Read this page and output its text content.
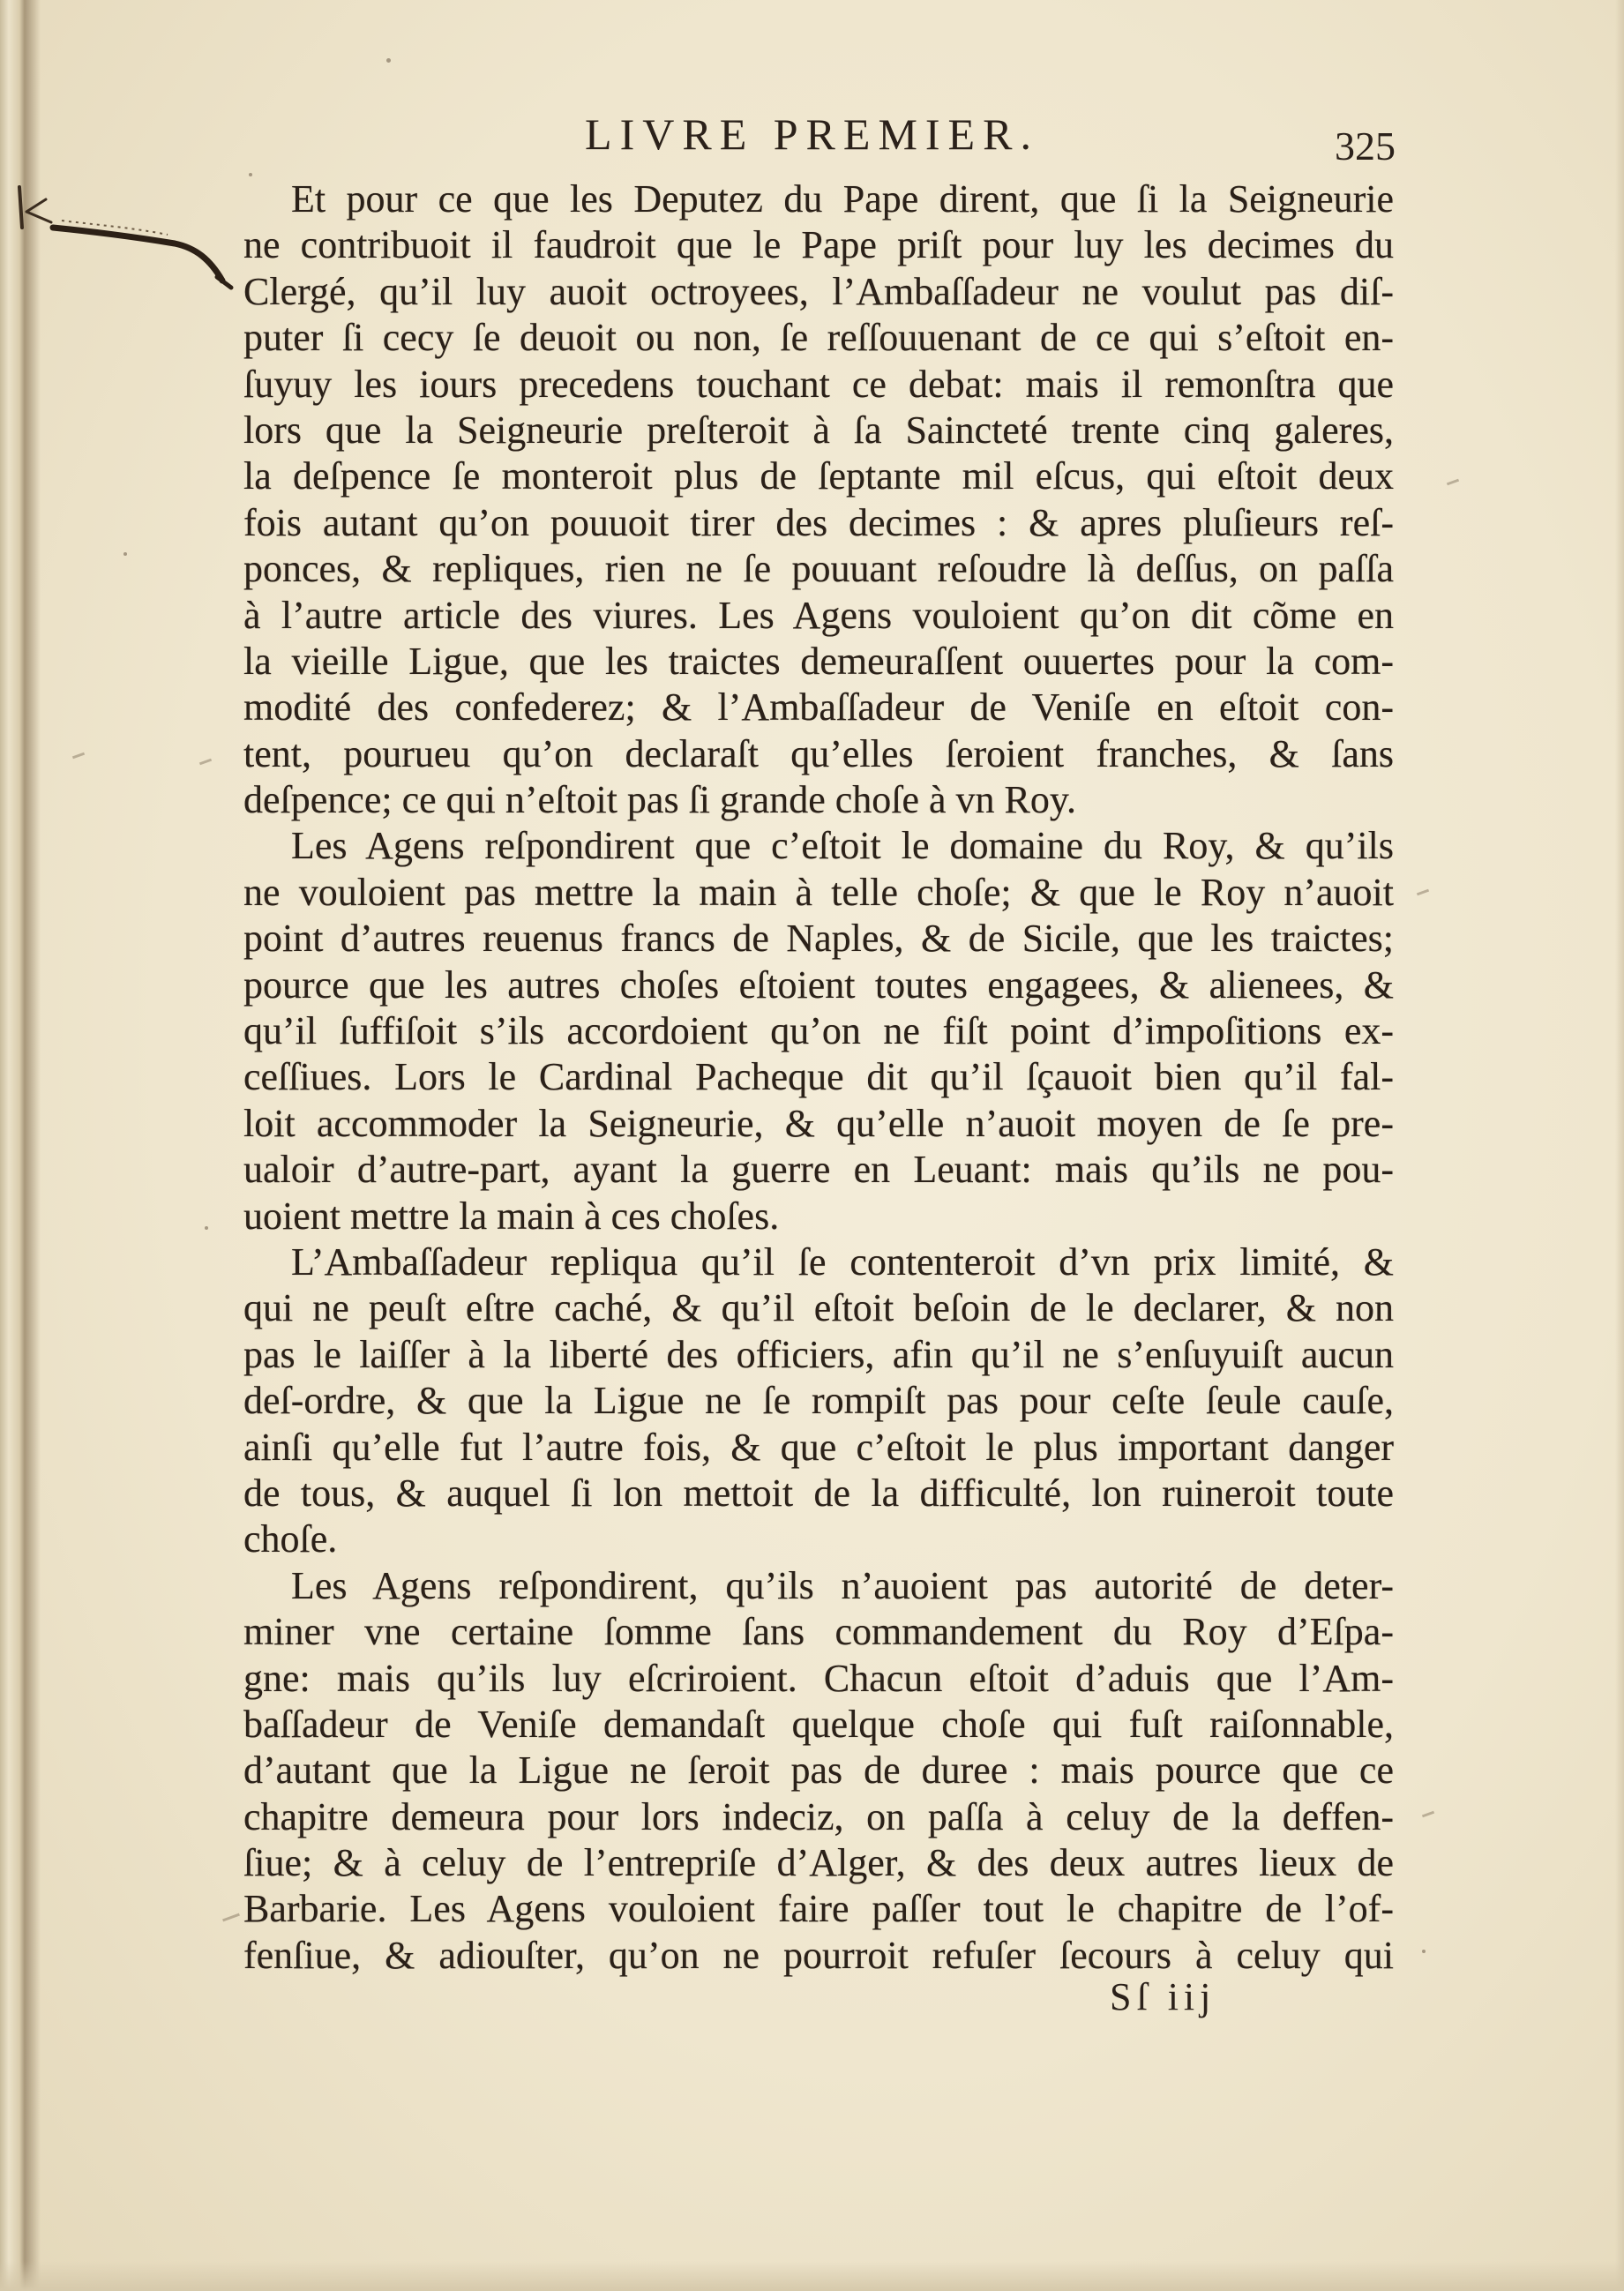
LIVRE PREMIER.	325
Et pour ce que les Deputez du Pape dirent, que ſi la Seigneurie
ne contribuoit il faudroit que le Pape priſt pour luy les decimes du
Clergé, qu’il luy auoit octroyees, l’Ambaſſadeur ne voulut pas diſ-
puter ſi cecy ſe deuoit ou non, ſe reſſouuenant de ce qui s’eſtoit en-
ſuyuy les iours precedens touchant ce debat: mais il remonſtra que
lors que la Seigneurie preſteroit à ſa Saincteté trente cinq galeres,
la deſpence ſe monteroit plus de ſeptante mil eſcus, qui eſtoit deux
fois autant qu’on pouuoit tirer des decimes : & apres pluſieurs reſ-
ponces, & repliques, rien ne ſe pouuant reſoudre là deſſus, on paſſa
à l’autre article des viures. Les Agens vouloient qu’on dit cõme en
la vieille Ligue, que les traictes demeuraſſent ouuertes pour la com-
modité des confederez; & l’Ambaſſadeur de Veniſe en eſtoit con-
tent, pourueu qu’on declaraſt qu’elles ſeroient franches, & ſans
deſpence; ce qui n’eſtoit pas ſi grande choſe à vn Roy.
Les Agens reſpondirent que c’eſtoit le domaine du Roy, & qu’ils
ne vouloient pas mettre la main à telle choſe; & que le Roy n’auoit
point d’autres reuenus francs de Naples, & de Sicile, que les traictes;
pource que les autres choſes eſtoient toutes engagees, & alienees, &
qu’il ſuffiſoit s’ils accordoient qu’on ne fiſt point d’impoſitions ex-
ceſſiues. Lors le Cardinal Pacheque dit qu’il ſçauoit bien qu’il fal-
loit accommoder la Seigneurie, & qu’elle n’auoit moyen de ſe pre-
ualoir d’autre-part, ayant la guerre en Leuant: mais qu’ils ne pou-
uoient mettre la main à ces choſes.
L’Ambaſſadeur repliqua qu’il ſe contenteroit d’vn prix limité, &
qui ne peuſt eſtre caché, & qu’il eſtoit beſoin de le declarer, & non
pas le laiſſer à la liberté des officiers, afin qu’il ne s’enſuyuiſt aucun
deſ-ordre, & que la Ligue ne ſe rompiſt pas pour ceſte ſeule cauſe,
ainſi qu’elle fut l’autre fois, & que c’eſtoit le plus important danger
de tous, & auquel ſi lon mettoit de la difficulté, lon ruineroit toute
choſe.
Les Agens reſpondirent, qu’ils n’auoient pas autorité de deter-
miner vne certaine ſomme ſans commandement du Roy d’Eſpa-
gne: mais qu’ils luy eſcriroient. Chacun eſtoit d’aduis que l’Am-
baſſadeur de Veniſe demandaſt quelque choſe qui fuſt raiſonnable,
d’autant que la Ligue ne ſeroit pas de duree : mais pource que ce
chapitre demeura pour lors indeciz, on paſſa à celuy de la deffen-
ſiue; & à celuy de l’entrepriſe d’Alger, & des deux autres lieux de
Barbarie. Les Agens vouloient faire paſſer tout le chapitre de l’of-
fenſiue, & adiouſter, qu’on ne pourroit refuſer ſecours à celuy qui
Sſ iij
